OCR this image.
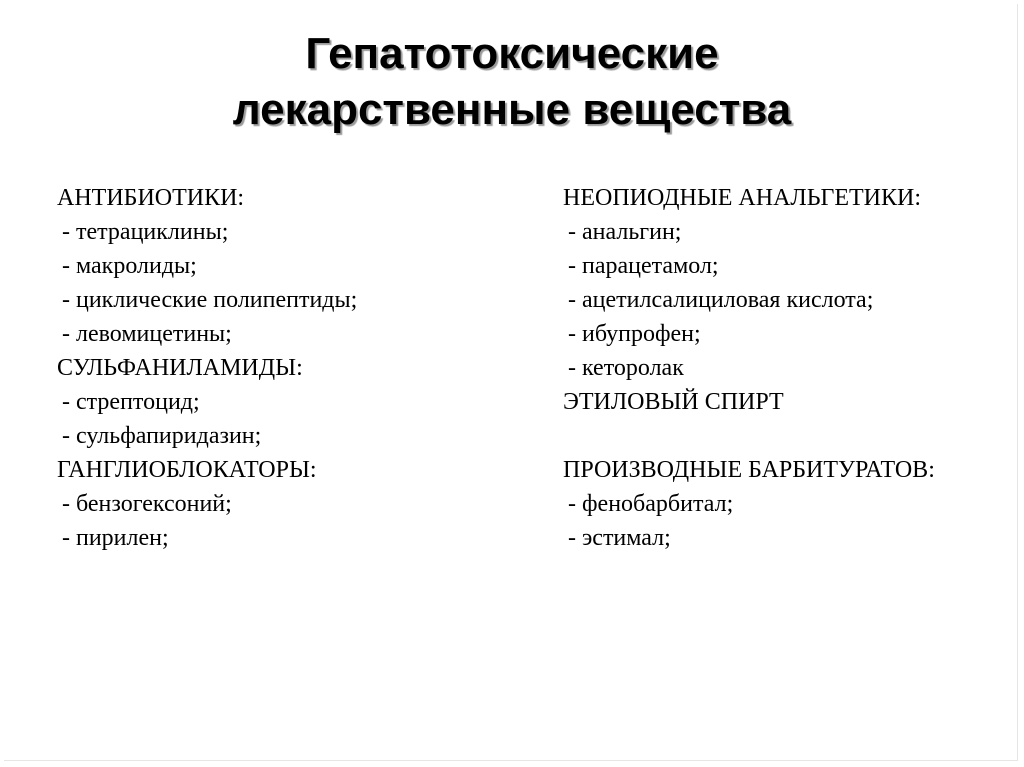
Гепатотоксические
лекарственные вещества
АНТИБИОТИКИ:
- тетрациклины;
- макролиды;
- циклические полипептиды;
- левомицетины;
СУЛЬФАНИЛАМИДЫ:
- стрептоцид;
- сульфапиридазин;
ГАНГЛИОБЛОКАТОРЫ:
- бензогексоний;
- пирилен;
НЕОПИОДНЫЕ АНАЛЬГЕТИКИ:
- анальгин;
- парацетамол;
- ацетилсалициловая кислота;
- ибупрофен;
- кеторолак
ЭТИЛОВЫЙ СПИРТ
ПРОИЗВОДНЫЕ БАРБИТУРАТОВ:
- фенобарбитал;
- эстимал;
